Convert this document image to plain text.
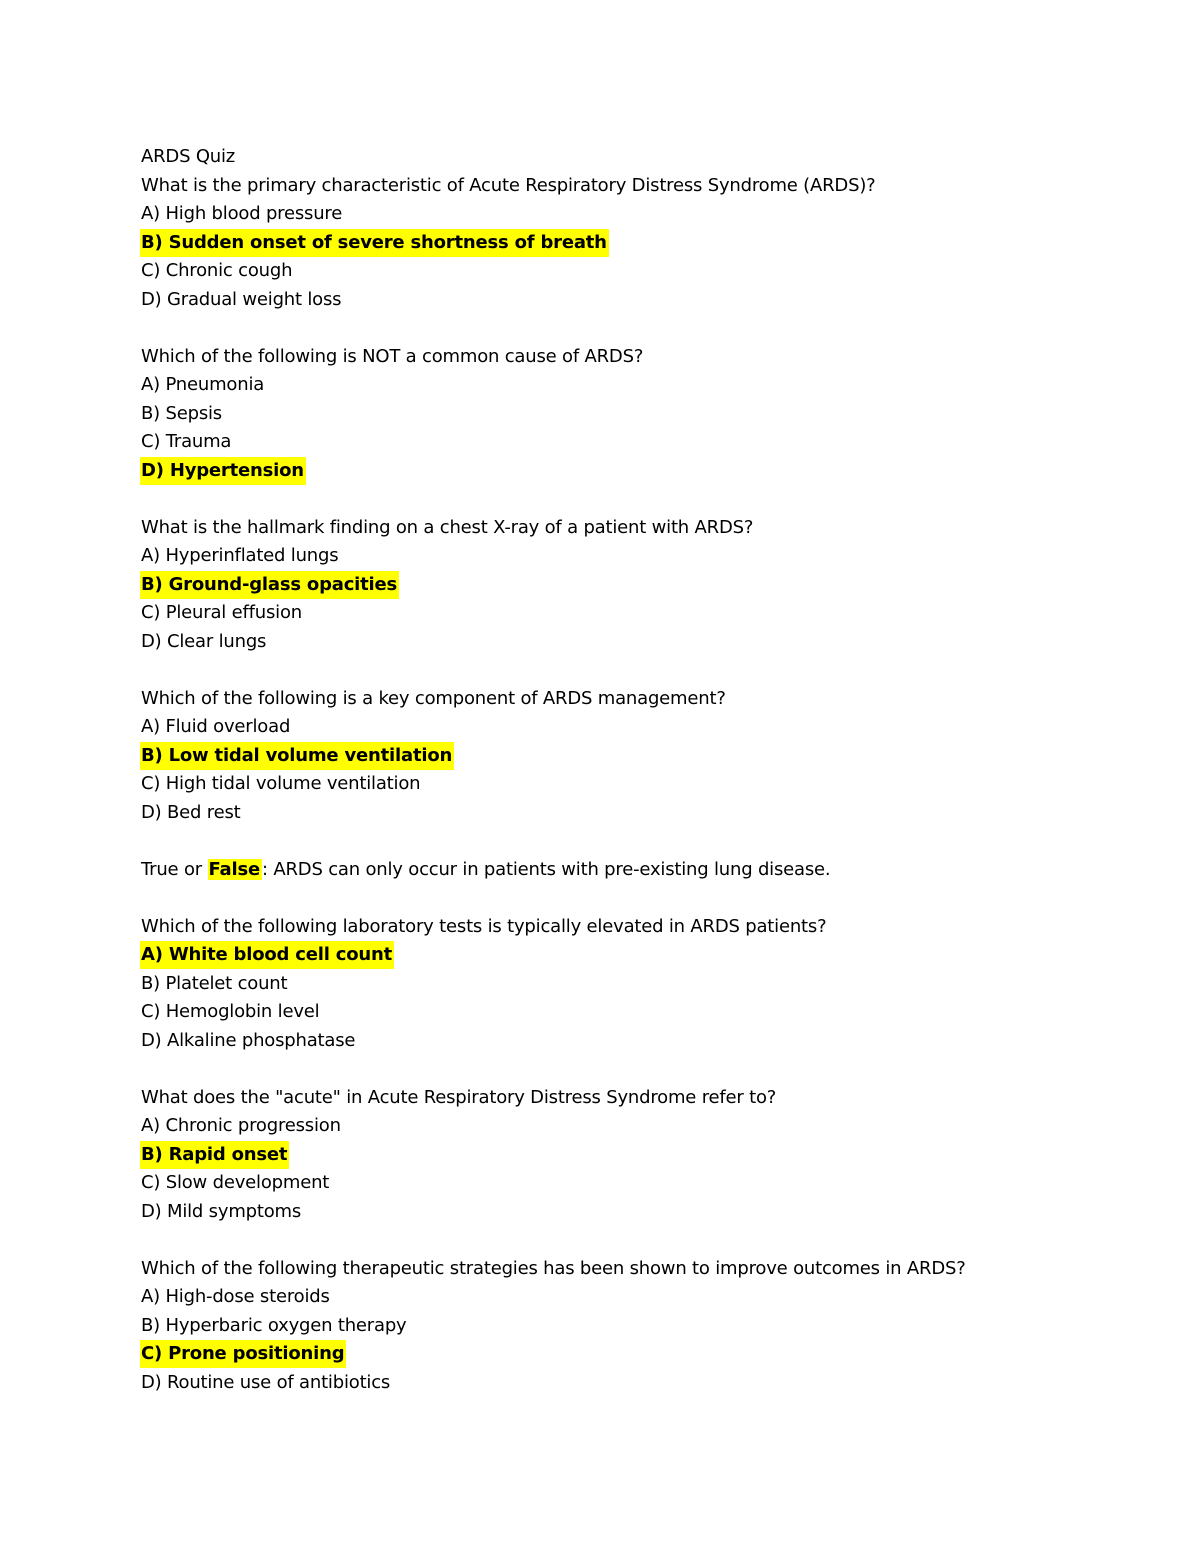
ARDS Quiz
What is the primary characteristic of Acute Respiratory Distress Syndrome (ARDS)?
A) High blood pressure
B) Sudden onset of severe shortness of breath
C) Chronic cough
D) Gradual weight loss
Which of the following is NOT a common cause of ARDS?
A) Pneumonia
B) Sepsis
C) Trauma
D) Hypertension
What is the hallmark finding on a chest X-ray of a patient with ARDS?
A) Hyperinflated lungs
B) Ground-glass opacities
C) Pleural effusion
D) Clear lungs
Which of the following is a key component of ARDS management?
A) Fluid overload
B) Low tidal volume ventilation
C) High tidal volume ventilation
D) Bed rest
True or False : ARDS can only occur in patients with pre-existing lung disease.
Which of the following laboratory tests is typically elevated in ARDS patients?
A) White blood cell count
B) Platelet count
C) Hemoglobin level
D) Alkaline phosphatase
What does the "acute" in Acute Respiratory Distress Syndrome refer to?
A) Chronic progression
B) Rapid onset
C) Slow development
D) Mild symptoms
Which of the following therapeutic strategies has been shown to improve outcomes in ARDS?
A) High-dose steroids
B) Hyperbaric oxygen therapy
C) Prone positioning
D) Routine use of antibiotics
